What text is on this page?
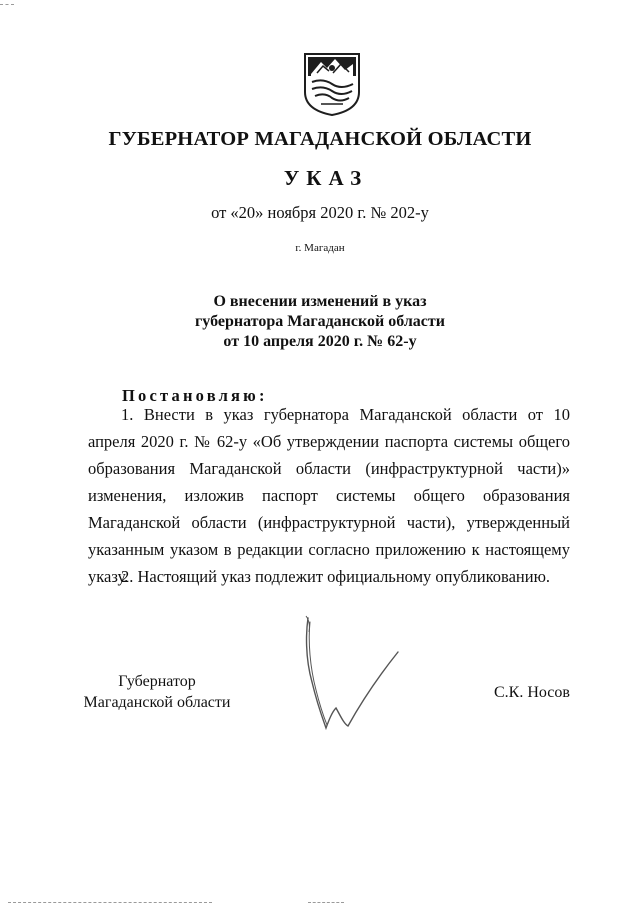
ГУБЕРНАТОР МАГАДАНСКОЙ ОБЛАСТИ
УКАЗ
от «20» ноября 2020 г. № 202-у
г. Магадан
О внесении изменений в указ
губернатора Магаданской области
от 10 апреля 2020 г. № 62-у
Постановляю:
1. Внести в указ губернатора Магаданской области от 10 апреля 2020 г. № 62-у «Об утверждении паспорта системы общего образования Магаданской области (инфраструктурной части)» изменения, изложив паспорт системы общего образования Магаданской области (инфраструктурной части), утвержденный указанным указом в редакции согласно приложению к настоящему указу.
2. Настоящий указ подлежит официальному опубликованию.
Губернатор
Магаданской области
С.К. Носов
